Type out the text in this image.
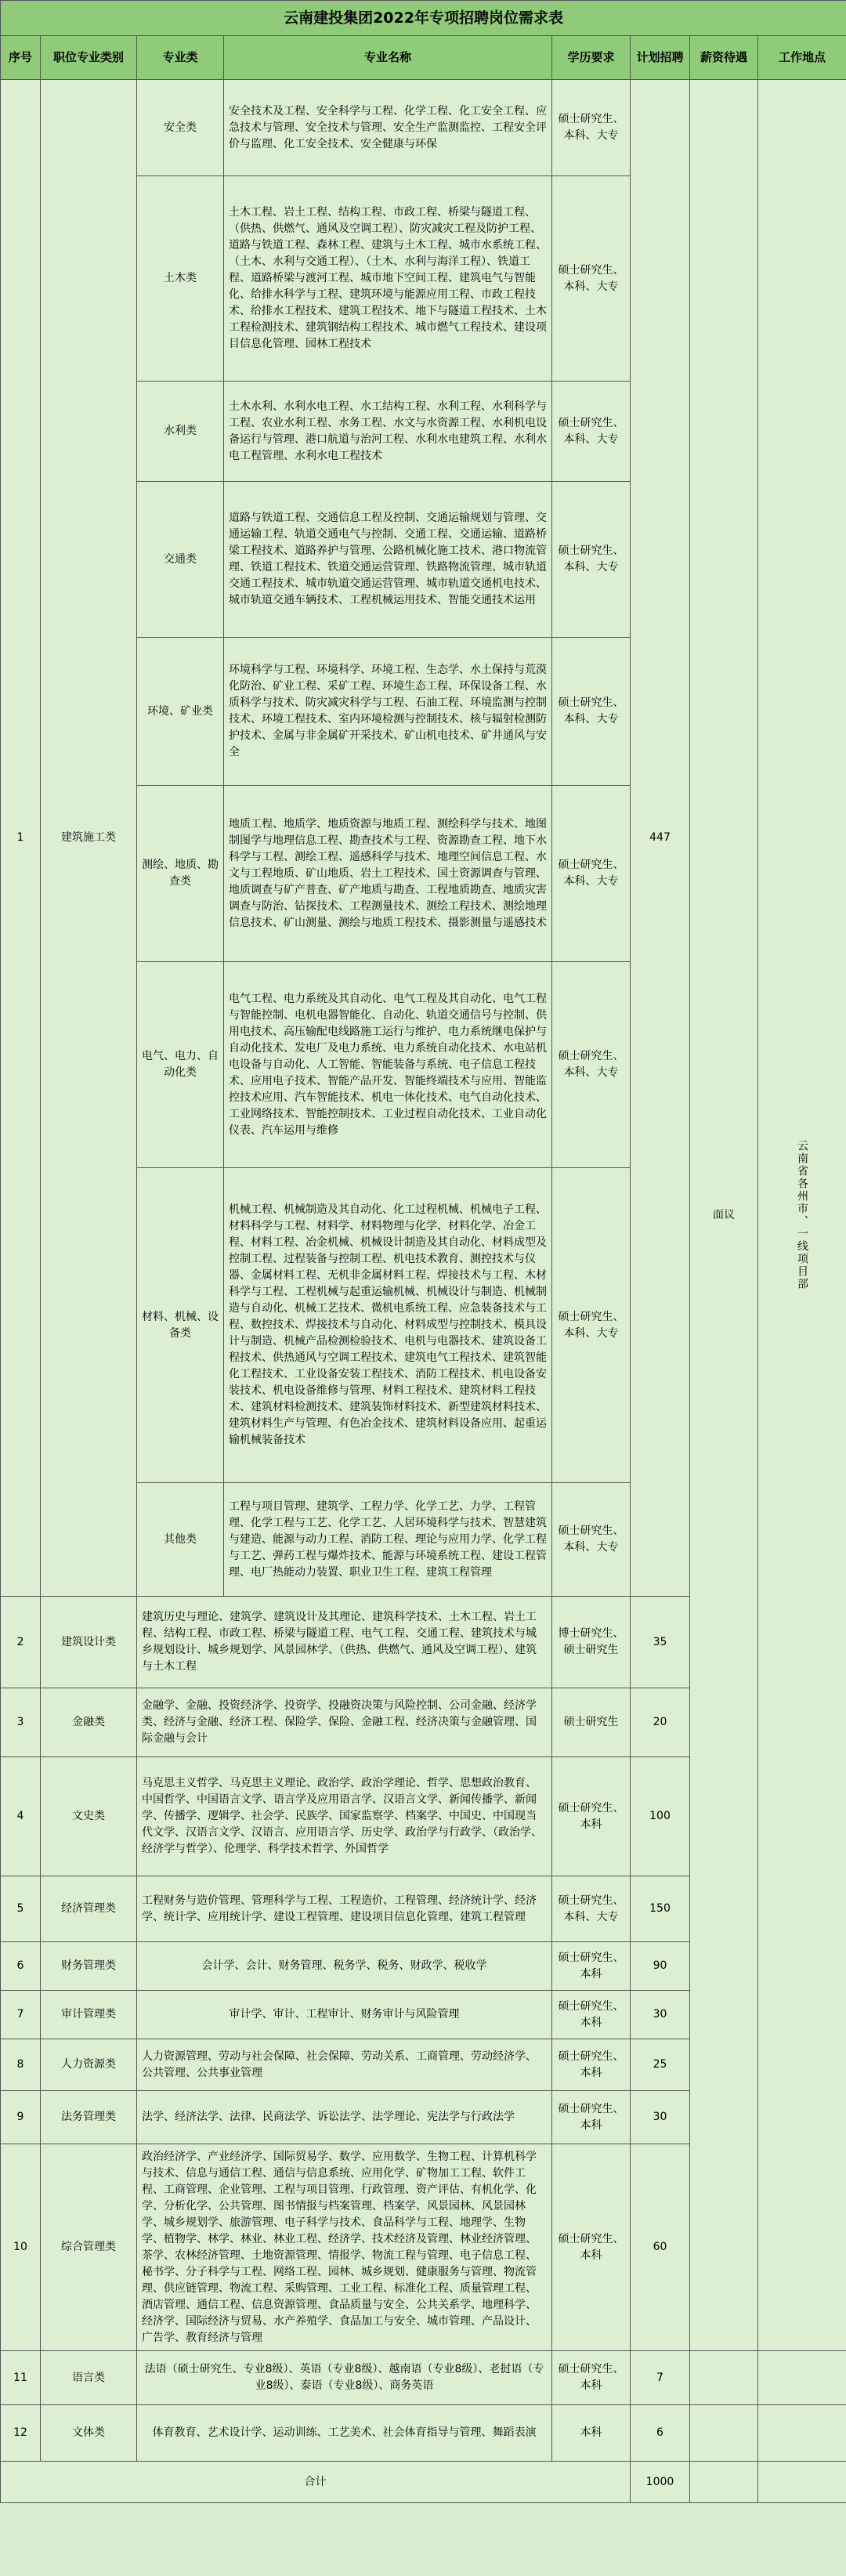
云南建投集团2022年专项招聘岗位需求表								
序号	职位专业类别	专业类	专业名称	学历要求	计划招聘	薪资待遇	工作地点	
1	建筑施工类	安全类	安全技术及工程、安全科学与工程、化学工程、化工安全工程、应急技术与管理、安全技术与管理、安全生产监测监控、工程安全评价与监理、化工安全技术、安全健康与环保	硕士研究生、本科、大专	447	面议	云南省各州市、一线项目部	

		土木类	土木工程、岩土工程、结构工程、市政工程、桥梁与隧道工程、（供热、供燃气、通风及空调工程）、防灾减灾工程及防护工程、道路与铁道工程、森林工程、建筑与土木工程、城市水系统工程、（土木、水利与交通工程）、（土木、水利与海洋工程）、铁道工程、道路桥梁与渡河工程、城市地下空间工程、建筑电气与智能化、给排水科学与工程、建筑环境与能源应用工程、市政工程技术、给排水工程技术、建筑工程技术、地下与隧道工程技术、土木工程检测技术、建筑钢结构工程技术、城市燃气工程技术、建设项目信息化管理、园林工程技术	硕士研究生、本科、大专				
		水利类	土木水利、水利水电工程、水工结构工程、水利工程、水利科学与工程、农业水利工程、水务工程、水文与水资源工程、水利机电设备运行与管理、港口航道与治河工程、水利水电建筑工程、水利水电工程管理、水利水电工程技术	硕士研究生、本科、大专				
		交通类	道路与铁道工程、交通信息工程及控制、交通运输规划与管理、交通运输工程、轨道交通电气与控制、交通工程、交通运输、道路桥梁工程技术、道路养护与管理、公路机械化施工技术、港口物流管理、铁道工程技术、铁道交通运营管理、铁路物流管理、城市轨道交通工程技术、城市轨道交通运营管理、城市轨道交通机电技术、城市轨道交通车辆技术、工程机械运用技术、智能交通技术运用	硕士研究生、本科、大专				
		环境、矿业类	环境科学与工程、环境科学、环境工程、生态学、水土保持与荒漠化防治、矿业工程、采矿工程、环境生态工程、环保设备工程、水质科学与技术、防灾减灾科学与工程、石油工程、环境监测与控制技术、环境工程技术、室内环境检测与控制技术、核与辐射检测防护技术、金属与非金属矿开采技术、矿山机电技术、矿井通风与安全	硕士研究生、本科、大专				
		测绘、地质、勘查类	地质工程、地质学、地质资源与地质工程、测绘科学与技术、地图制图学与地理信息工程、勘查技术与工程、资源勘查工程、地下水科学与工程、测绘工程、遥感科学与技术、地理空间信息工程、水文与工程地质、矿山地质、岩土工程技术、国土资源调查与管理、地质调查与矿产普查、矿产地质与勘查、工程地质勘查、地质灾害调查与防治、钻探技术、工程测量技术、测绘工程技术、测绘地理信息技术、矿山测量、测绘与地质工程技术、摄影测量与遥感技术	硕士研究生、本科、大专				
		电气、电力、自动化类	电气工程、电力系统及其自动化、电气工程及其自动化、电气工程与智能控制、电机电器智能化、自动化、轨道交通信号与控制、供用电技术、高压输配电线路施工运行与维护、电力系统继电保护与自动化技术、发电厂及电力系统、电力系统自动化技术、水电站机电设备与自动化、人工智能、智能装备与系统、电子信息工程技术、应用电子技术、智能产品开发、智能终端技术与应用、智能监控技术应用、汽车智能技术、机电一体化技术、电气自动化技术、工业网络技术、智能控制技术、工业过程自动化技术、工业自动化仪表、汽车运用与维修	硕士研究生、本科、大专				
		材料、机械、设备类	机械工程、机械制造及其自动化、化工过程机械、机械电子工程、材料科学与工程、材料学、材料物理与化学、材料化学、冶金工程、材料工程、冶金机械、机械设计制造及其自动化、材料成型及控制工程、过程装备与控制工程、机电技术教育、测控技术与仪器、金属材料工程、无机非金属材料工程、焊接技术与工程、木材科学与工程、工程机械与起重运输机械、机械设计与制造、机械制造与自动化、机械工艺技术、微机电系统工程、应急装备技术与工程、数控技术、焊接技术与自动化、材料成型与控制技术、模具设计与制造、机械产品检测检验技术、电机与电器技术、建筑设备工程技术、供热通风与空调工程技术、建筑电气工程技术、建筑智能化工程技术、工业设备安装工程技术、消防工程技术、机电设备安装技术、机电设备维修与管理、材料工程技术、建筑材料工程技术、建筑材料检测技术、建筑装饰材料技术、新型建筑材料技术、建筑材料生产与管理、有色冶金技术、建筑材料设备应用、起重运输机械装备技术	硕士研究生、本科、大专				
		其他类	工程与项目管理、建筑学、工程力学、化学工艺、力学、工程管理、化学工程与工艺、化学工艺、人居环境科学与技术、智慧建筑与建造、能源与动力工程、消防工程、理论与应用力学、化学工程与工艺、弹药工程与爆炸技术、能源与环境系统工程、建设工程管理、电厂热能动力装置、职业卫生工程、建筑工程管理	硕士研究生、本科、大专				
2	建筑设计类	建筑历史与理论、建筑学、建筑设计及其理论、建筑科学技术、土木工程、岩土工程、结构工程、市政工程、桥梁与隧道工程、电气工程、交通工程、建筑技术与城乡规划设计、城乡规划学、风景园林学、（供热、供燃气、通风及空调工程）、建筑与土木工程		博士研究生、硕士研究生	35			
3	金融类	金融学、金融、投资经济学、投资学、投融资决策与风险控制、公司金融、经济学类、经济与金融、经济工程、保险学、保险、金融工程、经济决策与金融管理、国际金融与会计		硕士研究生	20			
4	文史类	马克思主义哲学、马克思主义理论、政治学、政治学理论、哲学、思想政治教育、中国哲学、中国语言文学、语言学及应用语言学、汉语言文学、新闻传播学、新闻学、传播学、逻辑学、社会学、民族学、国家监察学、档案学、中国史、中国现当代文学、汉语言文学、汉语言、应用语言学、历史学、政治学与行政学、（政治学、经济学与哲学）、伦理学、科学技术哲学、外国哲学		硕士研究生、本科	100			
5	经济管理类	工程财务与造价管理、管理科学与工程、工程造价、工程管理、经济统计学、经济学、统计学、应用统计学、建设工程管理、建设项目信息化管理、建筑工程管理		硕士研究生、本科、大专	150			
6	财务管理类	会计学、会计、财务管理、税务学、税务、财政学、税收学		硕士研究生、本科	90			
7	审计管理类	审计学、审计、工程审计、财务审计与风险管理		硕士研究生、本科	30			
8	人力资源类	人力资源管理、劳动与社会保障、社会保障、劳动关系、工商管理、劳动经济学、公共管理、公共事业管理		硕士研究生、本科	25			
9	法务管理类	法学、经济法学、法律、民商法学、诉讼法学、法学理论、宪法学与行政法学		硕士研究生、本科	30			
10	综合管理类	政治经济学、产业经济学、国际贸易学、数学、应用数学、生物工程、计算机科学与技术、信息与通信工程、通信与信息系统、应用化学、矿物加工工程、软件工程、工商管理、企业管理、工程与项目管理、行政管理、资产评估、有机化学、化学、分析化学、公共管理、图书情报与档案管理、档案学、风景园林、风景园林学、城乡规划学、旅游管理、电子科学与技术、食品科学与工程、地理学、生物学、植物学、林学、林业、林业工程、经济学、技术经济及管理、林业经济管理、茶学、农林经济管理、土地资源管理、情报学、物流工程与管理、电子信息工程、秘书学、分子科学与工程、网络工程、园林、城乡规划、健康服务与管理、物流管理、供应链管理、物流工程、采购管理、工业工程、标准化工程、质量管理工程、酒店管理、通信工程、信息资源管理、食品质量与安全、公共关系学、地理科学、经济学、国际经济与贸易、水产养殖学、食品加工与安全、城市管理、产品设计、广告学、教育经济与管理		硕士研究生、本科	60			
11	语言类	法语（硕士研究生、专业8级）、英语（专业8级）、越南语（专业8级）、老挝语（专业8级）、泰语（专业8级）、商务英语		硕士研究生、本科	7			
12	文体类	体育教育、艺术设计学、运动训练、工艺美术、社会体育指导与管理、舞蹈表演		本科	6			
合计					1000			
